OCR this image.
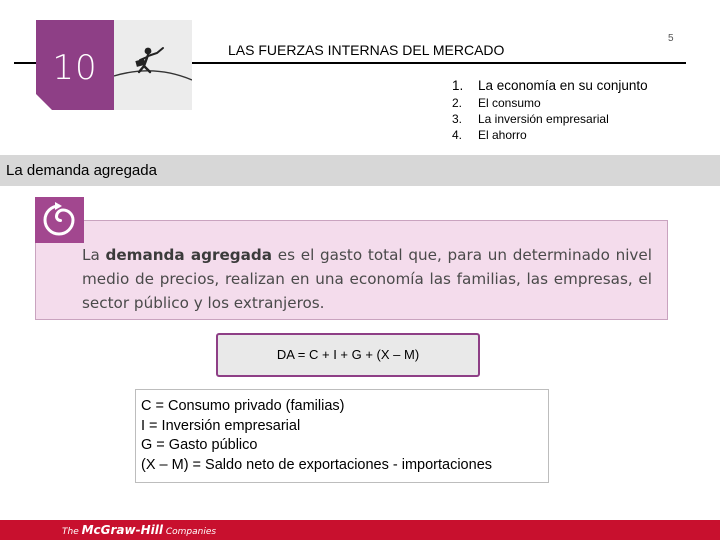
10	LAS FUERZAS INTERNAS DEL MERCADO
5
1.	La economía en su conjunto
2.	El consumo
3.	La inversión empresarial
4.	El ahorro
La demanda agregada
La demanda agregada es el gasto total que, para un determinado nivel medio de precios, realizan en una economía las familias, las empresas, el sector público y los extranjeros.
DA = C + I + G + (X – M)
C = Consumo privado (familias)
I = Inversión empresarial
G = Gasto público
(X – M) = Saldo neto de exportaciones - importaciones
The McGraw-Hill Companies
